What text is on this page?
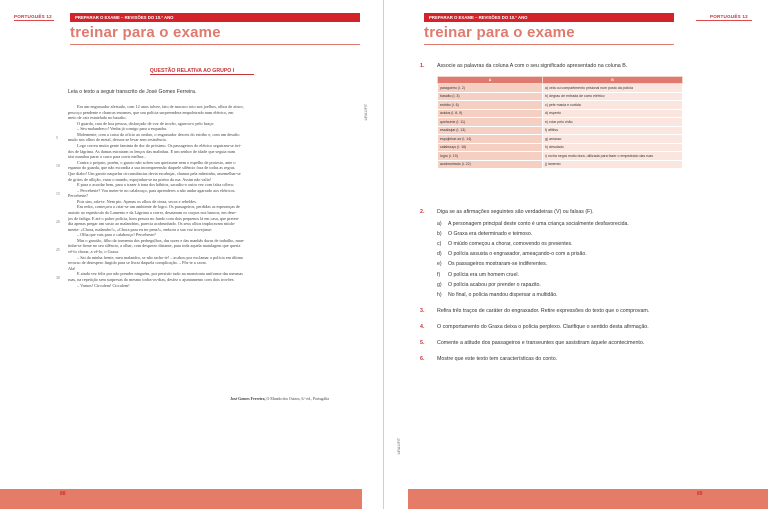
PORTUGUÊS 12	PREPARAR O EXAME – REVISÕES DO 10.º ANO
treinar para o exame
QUESTÃO RELATIVA AO GRUPO I
Leia o texto a seguir transcrito de José Gomes Ferreira.
Era um engraxador aleixado, com 12 anos talvez, fato de macaco roto nos joelhos, olhos de zinco,
pescoço pendente e chancas enormes, que um polícia surpreendera empoleirado num elétrico, em
meio de cair estatelado no basalto.
O guarda, cara de boa pessoa, disfarçado de voz de trovão, agarrou-o pelo braço:
– Seu malandreco! Venha já comigo para a esquadra.
Molemente, com a caixa do ofício ao ombro, o engraxador desceu do estribo e, com um desafio
mudo nos olhos de metal, deixou-se levar sem resistência.
Logo correu muita gente faminta de dor do próximo. Os passageiros do elétrico seguiram-se ávi-
dos de lágrima. As damas estrairam os lenços das malinhas. E um senhor de idade que seguia num
táxi mandou parar o carro para ouvir melhor...
Contra o próprio, porém, o garoto não sofreu um queixume nem o espelho de protesto, ante o
espanto do guarda, que não escondia a sua incompreensão daquele silêncio fora de todas as regras.
Que diabo! Um garoto naquelas circunstâncias devia escabujar, chamar pela mãezinha, assemelhar-se
de gritos de aflição, varar o mundo, espojinhar-se na poeira da rua. Assim não valia!
E para o acordar bem, para o trazer à tona dos hábitos, sacudiu-o outra vez com falsa cólera:
– Percebeste? Vou meter-te no calabouço, para aprenderes a não andar agarrado aos elétricos.
Percebeste?
Pois sim, rala-te. Nem pio. Apenas os olhos de cinza, secos e rebeldes.
Em redor, começava a criar-se um ambiente de logro. Os passageiros, perdidas as esperanças de
assistir ao espetáculo do Lamento e da Lágrima a correr, desataram os corpos nos bancos, em dese-
jos de fadiga. E até o pobre polícia, bom pessoa no fundo com dois pequenos lá em casa, que preten-
dia apenas pregar um susto ao malandrim, parecia acabrunhado. Os seus olhos imploravam nitida-
mente: «Chora, malandro!», «Chora para eu ter pena!», embora a sua voz trovejasse:
– Olha que vais para o calabouço! Percebeste?
Mas o garotão, filho da tormenta dos pedregulhos, das urzes e das manhãs duras de trabalho, man-
tinha-se firme no seu silêncio, a olhar, com desprezo distante, para toda aquela matulagem que queria
vê-lo chorar, a vê-lo, o Graxa.
– Sai da minha frente, meu malandro, se não racho-te! – acabou por exclamar o polícia em último
recurso de desespero fingido para se livrar daquela complicação. – Pôs-te a cavar.
Ala!
E ainda vez feliz por não prender ninguém, por persistir tudo na monotonia uniforme das mesmas
ruas, na repetição sem surpresas do mesmo todos-os-dias, desfez o ajuntamento com dois trovões:
– Vamos! Circulem! Circulem!
5
10
15
20
25
30
José Gomes Ferreira, O Mundo dos Outros, 6.ª ed., Portugália
LIRA10FIT
88
PREPARAR O EXAME – REVISÕES DO 10.º ANO
treinar para o exame
PORTUGUÊS 12
LIRA10FIT
89
1. Associe as palavras da coluna A com o seu significado apresentado na coluna B.
A	B
paragoeiro (l. 2)	a) cela ou compartimento prisional num posto da polícia
basalto (l. 3)	b) degrau de entrada de carro elétrico
estribo (l. 6)	c) pele macia e curtida
ávidos (l. 8, 9)	d) esperto
queixume (l. 11)	e) rolar pelo chão
escabujar (l. 13)	f) aflitivo
espojinhar-se (l. 14)	g) ansioso
calabouço (l. 16)	h) desolado
logro (l. 19)	i) rocha negra muito dura, utilizada para fazer o empedrado das ruas
acabrunhado (l. 22)	j) lamento
2. Diga se as afirmações seguintes são verdadeiras (V) ou falsas (F).
a) A personagem principal deste conto é uma criança socialmente desfavorecida.
b) O Graxa era determinado e teimoso.
c) O miúdo começou a chorar, comovendo os presentes.
d) O polícia assusta o engraxador, ameaçando-o com a prisão.
e) Os passageiros mostraram-se indiferentes.
f) O polícia era um homem cruel.
g) O polícia acabou por prender o rapazito.
h) No final, o polícia mandou dispersar a multidão.
3. Refira três traços de caráter do engraxador. Retire expressões do texto que o comprovam.
4. O comportamento do Graxa deixa o polícia perplexo. Clarifique o sentido desta afirmação.
5. Comente a atitude dos passageiros e transeuntes que assistiram àquele acontecimento.
6. Mostre que este texto tem características do conto.
